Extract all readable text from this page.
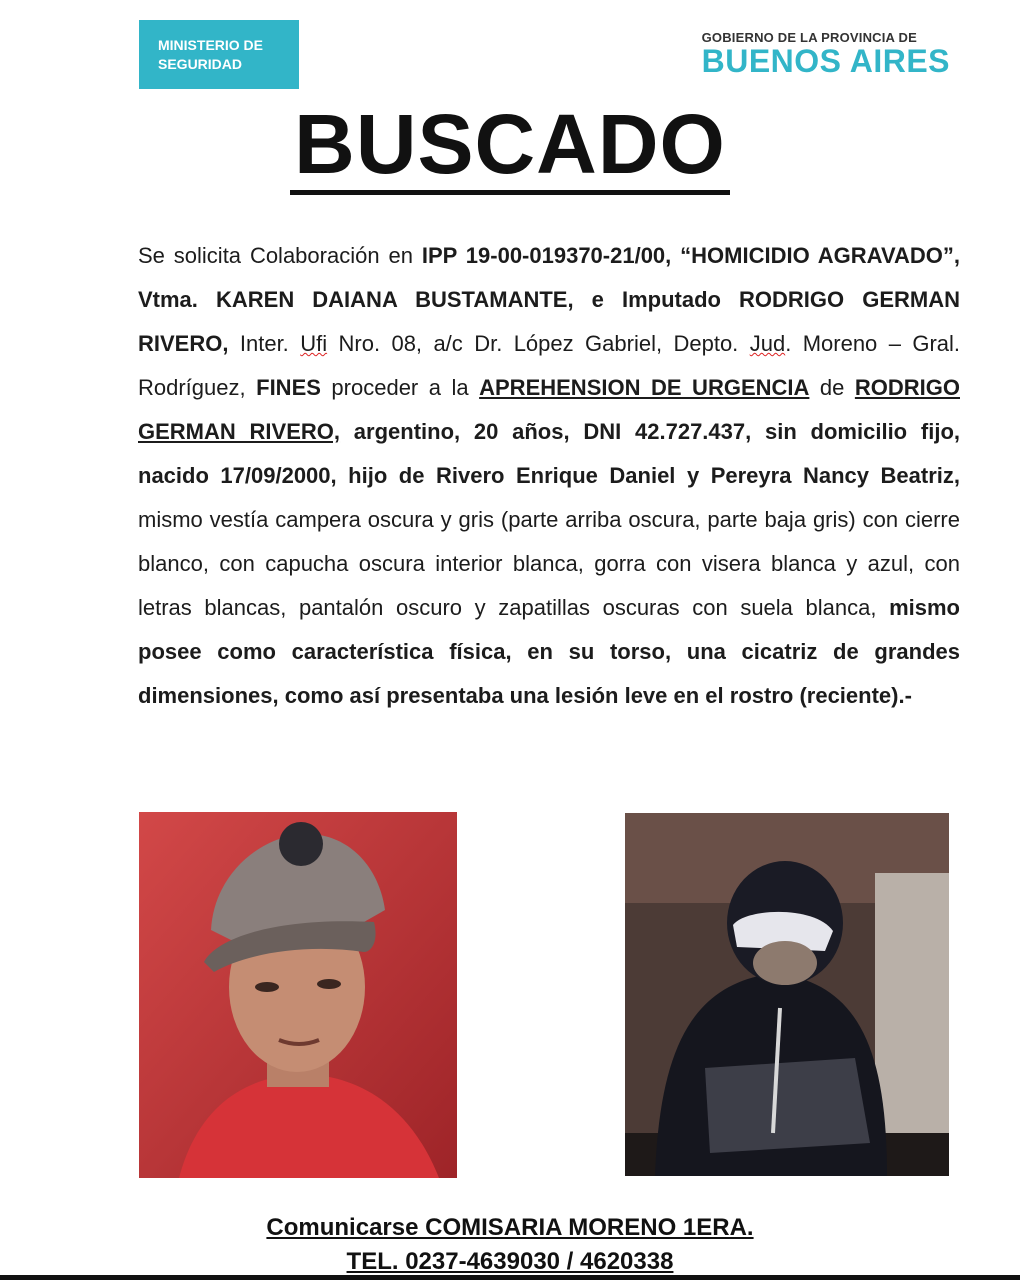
MINISTERIO DE
SEGURIDAD
GOBIERNO DE LA PROVINCIA DE
BUENOS AIRES
BUSCADO
Se solicita Colaboración en IPP 19-00-019370-21/00, “HOMICIDIO AGRAVADO”, Vtma. KAREN DAIANA BUSTAMANTE, e Imputado RODRIGO GERMAN RIVERO, Inter. Ufi Nro. 08, a/c Dr. López Gabriel, Depto. Jud. Moreno – Gral. Rodríguez, FINES proceder a la APREHENSION DE URGENCIA de RODRIGO GERMAN RIVERO, argentino, 20 años, DNI 42.727.437, sin domicilio fijo, nacido 17/09/2000, hijo de Rivero Enrique Daniel y Pereyra Nancy Beatriz, mismo vestía campera oscura y gris (parte arriba oscura, parte baja gris) con cierre blanco, con capucha oscura interior blanca, gorra con visera blanca y azul, con letras blancas, pantalón oscuro y zapatillas oscuras con suela blanca, mismo posee como característica física, en su torso, una cicatriz de grandes dimensiones, como así presentaba una lesión leve en el rostro (reciente).-
Comunicarse COMISARIA MORENO 1ERA.
TEL. 0237-4639030 / 4620338
